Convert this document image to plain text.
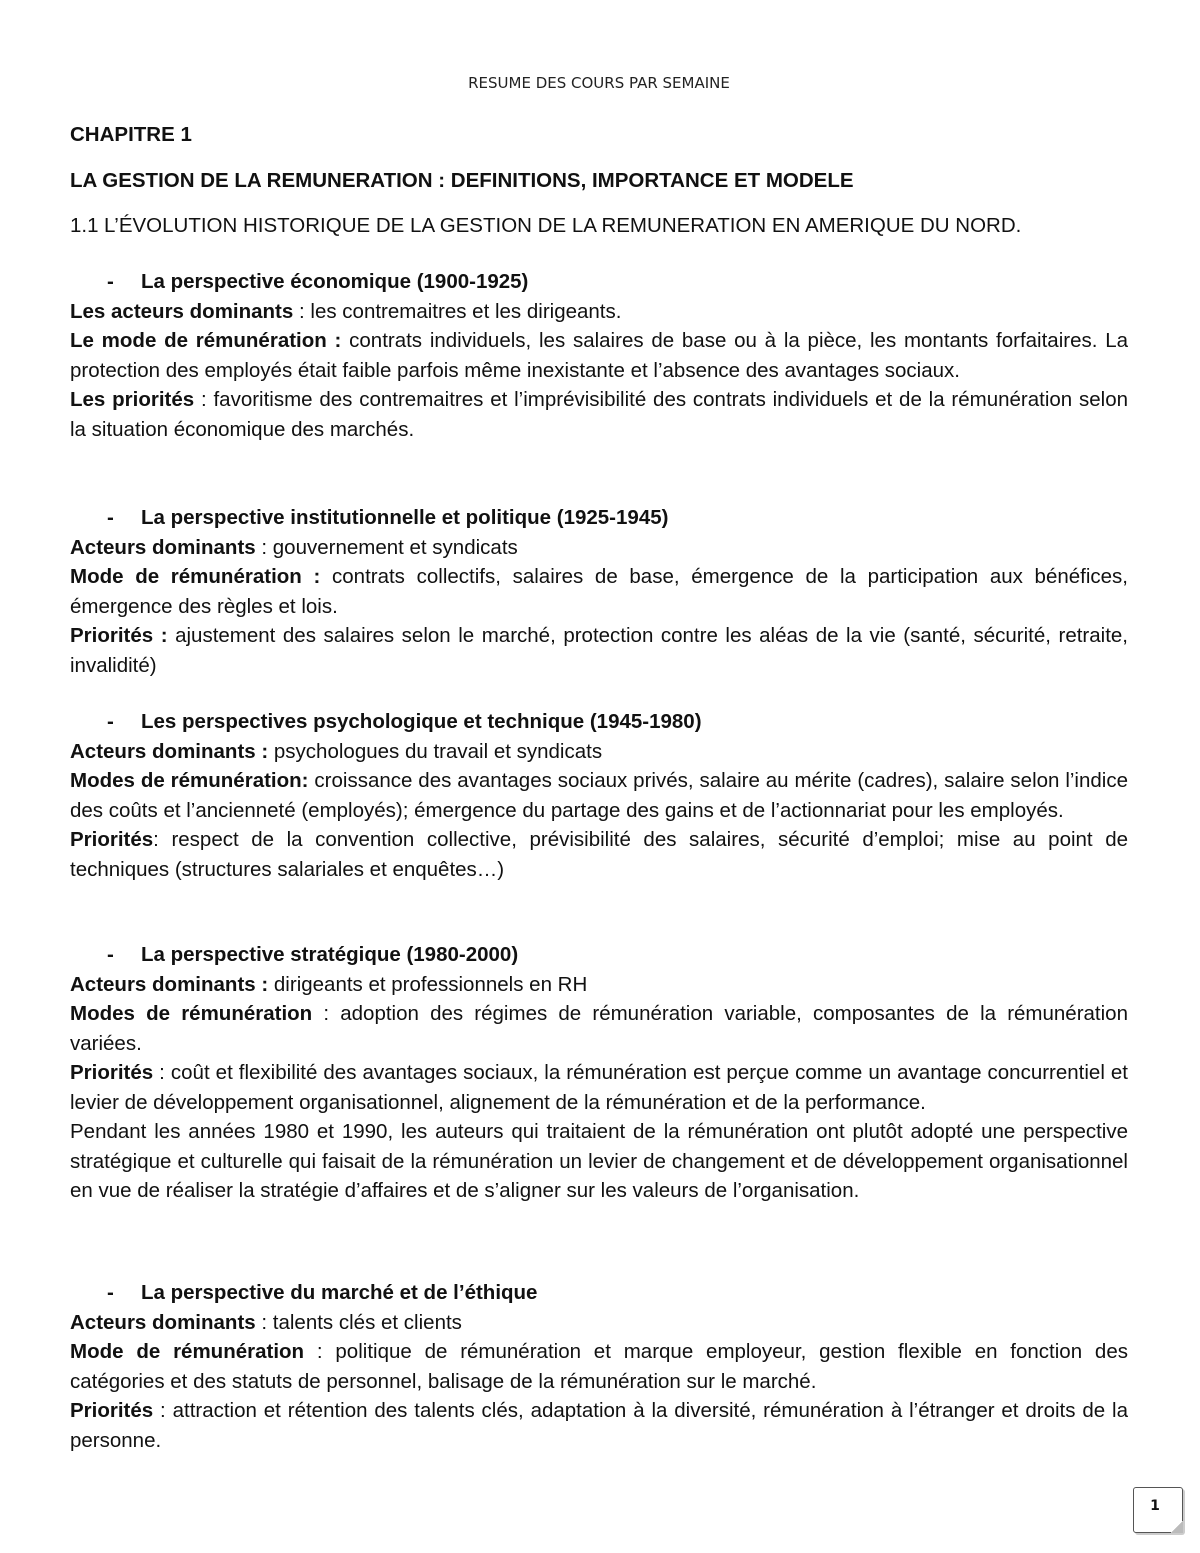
RESUME DES COURS PAR SEMAINE
CHAPITRE 1
LA GESTION DE LA REMUNERATION : DEFINITIONS, IMPORTANCE ET MODELE
1.1 L’ÉVOLUTION HISTORIQUE DE LA GESTION DE LA REMUNERATION EN AMERIQUE DU NORD.
- La perspective économique (1900-1925)
Les acteurs dominants : les contremaitres et les dirigeants.
Le mode de rémunération : contrats individuels, les salaires de base ou à la pièce, les montants forfaitaires. La protection des employés était faible parfois même inexistante et l’absence des avantages sociaux.
Les priorités : favoritisme des contremaitres et l’imprévisibilité des contrats individuels et de la rémunération selon la situation économique des marchés.
- La perspective institutionnelle et politique (1925-1945)
Acteurs dominants : gouvernement et syndicats
Mode de rémunération : contrats collectifs, salaires de base, émergence de la participation aux bénéfices, émergence des règles et lois.
Priorités : ajustement des salaires selon le marché, protection contre les aléas de la vie (santé, sécurité, retraite, invalidité)
- Les perspectives psychologique et technique (1945-1980)
Acteurs dominants : psychologues du travail et syndicats
Modes de rémunération: croissance des avantages sociaux privés, salaire au mérite (cadres), salaire selon l’indice des coûts et l’ancienneté (employés); émergence du partage des gains et de l’actionnariat pour les employés.
Priorités: respect de la convention collective, prévisibilité des salaires, sécurité d’emploi; mise au point de techniques (structures salariales et enquêtes…)
- La perspective stratégique (1980-2000)
Acteurs dominants : dirigeants et professionnels en RH
Modes de rémunération : adoption des régimes de rémunération variable, composantes de la rémunération variées.
Priorités : coût et flexibilité des avantages sociaux, la rémunération est perçue comme un avantage concurrentiel et levier de développement organisationnel, alignement de la rémunération et de la performance.
Pendant les années 1980 et 1990, les auteurs qui traitaient de la rémunération ont plutôt adopté une perspective stratégique et culturelle qui faisait de la rémunération un levier de changement et de développement organisationnel en vue de réaliser la stratégie d’affaires et de s’aligner sur les valeurs de l’organisation.
- La perspective du marché et de l’éthique
Acteurs dominants : talents clés et clients
Mode de rémunération : politique de rémunération et marque employeur, gestion flexible en fonction des catégories et des statuts de personnel, balisage de la rémunération sur le marché.
Priorités : attraction et rétention des talents clés, adaptation à la diversité, rémunération à l’étranger et droits de la personne.
1
